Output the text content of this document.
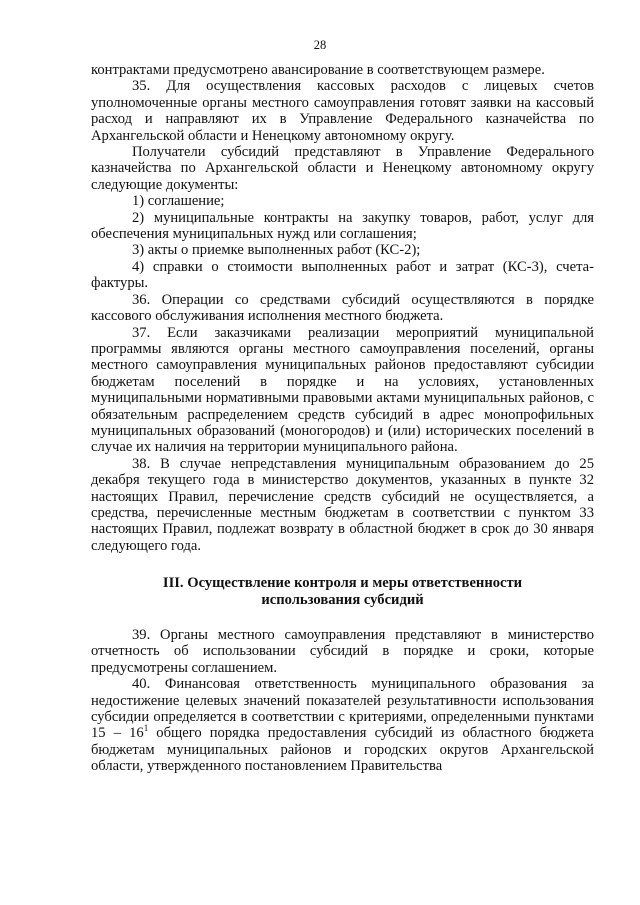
28

контрактами предусмотрено авансирование в соответствующем размере.

35. Для осуществления кассовых расходов с лицевых счетов уполномоченные органы местного самоуправления готовят заявки на кассовый расход и направляют их в Управление Федерального казначейства по Архангельской области и Ненецкому автономному округу.

Получатели субсидий представляют в Управление Федерального казначейства по Архангельской области и Ненецкому автономному округу следующие документы:

1) соглашение;

2) муниципальные контракты на закупку товаров, работ, услуг для обеспечения муниципальных нужд или соглашения;

3) акты о приемке выполненных работ (КС-2);

4) справки о стоимости выполненных работ и затрат (КС-3), счета-фактуры.

36. Операции со средствами субсидий осуществляются в порядке кассового обслуживания исполнения местного бюджета.

37. Если заказчиками реализации мероприятий муниципальной программы являются органы местного самоуправления поселений, органы местного самоуправления муниципальных районов предоставляют субсидии бюджетам поселений в порядке и на условиях, установленных муниципальными нормативными правовыми актами муниципальных районов, с обязательным распределением средств субсидий в адрес монопрофильных муниципальных образований (моногородов) и (или) исторических поселений в случае их наличия на территории муниципального района.

38. В случае непредставления муниципальным образованием до 25 декабря текущего года в министерство документов, указанных в пункте 32 настоящих Правил, перечисление средств субсидий не осуществляется, а средства, перечисленные местным бюджетам в соответствии с пунктом 33 настоящих Правил, подлежат возврату в областной бюджет в срок до 30 января следующего года.

III. Осуществление контроля и меры ответственности
использования субсидий

39. Органы местного самоуправления представляют в министерство отчетность об использовании субсидий в порядке и сроки, которые предусмотрены соглашением.

40. Финансовая ответственность муниципального образования за недостижение целевых значений показателей результативности использования субсидии определяется в соответствии с критериями, определенными пунктами $15 - 16^1$ общего порядка предоставления субсидий из областного бюджета бюджетам муниципальных районов и городских округов Архангельской области, утвержденного постановлением Правительства
